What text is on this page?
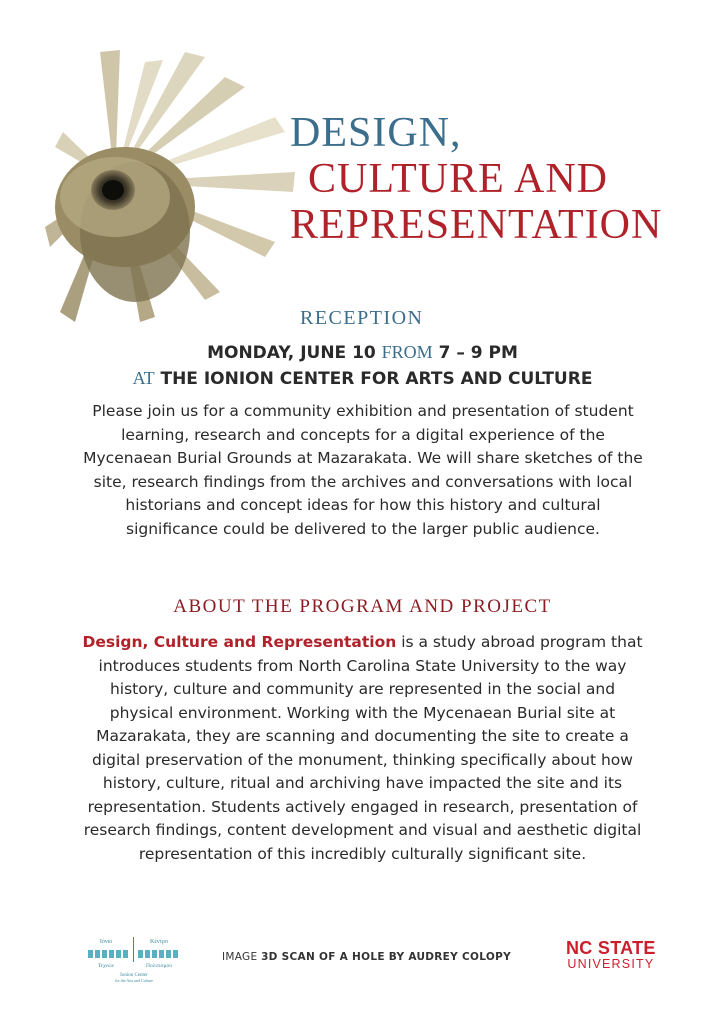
DESIGN,
CULTURE AND
REPRESENTATION
RECEPTION
MONDAY, JUNE 10 FROM 7 – 9 PM
AT THE IONION CENTER FOR ARTS AND CULTURE
Please join us for a community exhibition and presentation of student learning, research and concepts for a digital experience of the Mycenaean Burial Grounds at Mazarakata. We will share sketches of the site, research findings from the archives and conversations with local historians and concept ideas for how this history and cultural significance could be delivered to the larger public audience.
ABOUT THE PROGRAM AND PROJECT
Design, Culture and Representation is a study abroad program that introduces students from North Carolina State University to the way history, culture and community are represented in the social and physical environment. Working with the Mycenaean Burial site at Mazarakata, they are scanning and documenting the site to create a digital preservation of the monument, thinking specifically about how history, culture, ritual and archiving have impacted the site and its representation. Students actively engaged in research, presentation of research findings, content development and visual and aesthetic digital representation of this incredibly culturally significant site.
Ιόνιο	Κέντρο
Τεχνών	Πολιτισμού
Ionion Center
for the Arts and Culture
IMAGE 3D SCAN OF A HOLE BY AUDREY COLOPY	NC STATE
UNIVERSITY
